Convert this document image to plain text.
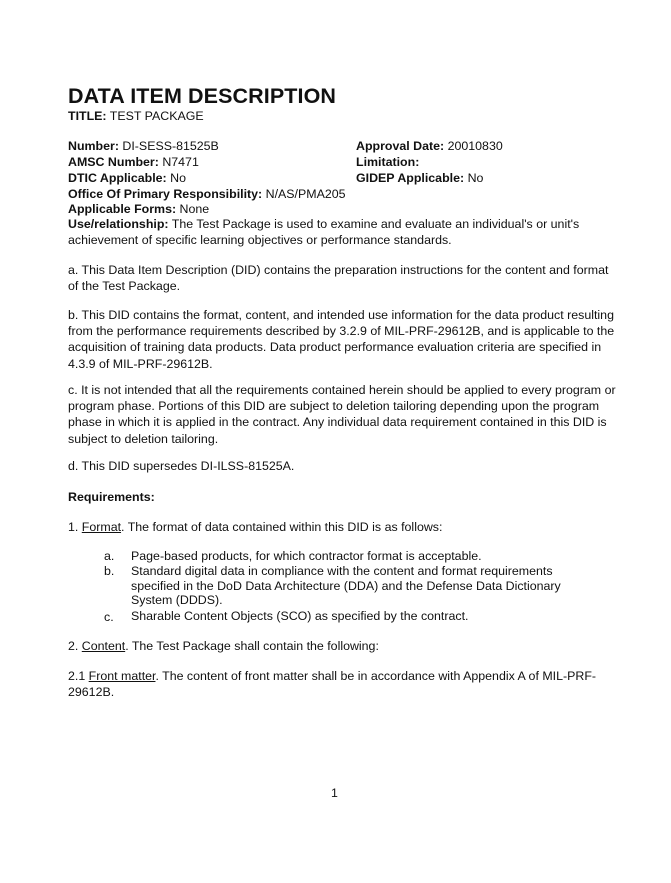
DATA ITEM DESCRIPTION
TITLE: TEST PACKAGE
Number: DI-SESS-81525B	Approval Date: 20010830
AMSC Number: N7471	Limitation:
DTIC Applicable: No	GIDEP Applicable: No
Office Of Primary Responsibility: N/AS/PMA205
Applicable Forms: None

Use/relationship: The Test Package is used to examine and evaluate an individual's or unit's achievement of specific learning objectives or performance standards.

a. This Data Item Description (DID) contains the preparation instructions for the content and format of the Test Package.

b. This DID contains the format, content, and intended use information for the data product resulting from the performance requirements described by 3.2.9 of MIL-PRF-29612B, and is applicable to the acquisition of training data products. Data product performance evaluation criteria are specified in 4.3.9 of MIL-PRF-29612B.

c. It is not intended that all the requirements contained herein should be applied to every program or program phase. Portions of this DID are subject to deletion tailoring depending upon the program phase in which it is applied in the contract. Any individual data requirement contained in this DID is subject to deletion tailoring.

d. This DID supersedes DI-ILSS-81525A.

Requirements:

1. Format. The format of data contained within this DID is as follows:

a. Page-based products, for which contractor format is acceptable.
b. Standard digital data in compliance with the content and format requirements specified in the DoD Data Architecture (DDA) and the Defense Data Dictionary System (DDDS).
c. Sharable Content Objects (SCO) as specified by the contract.

2. Content. The Test Package shall contain the following:

2.1 Front matter. The content of front matter shall be in accordance with Appendix A of MIL-PRF-29612B.

1
